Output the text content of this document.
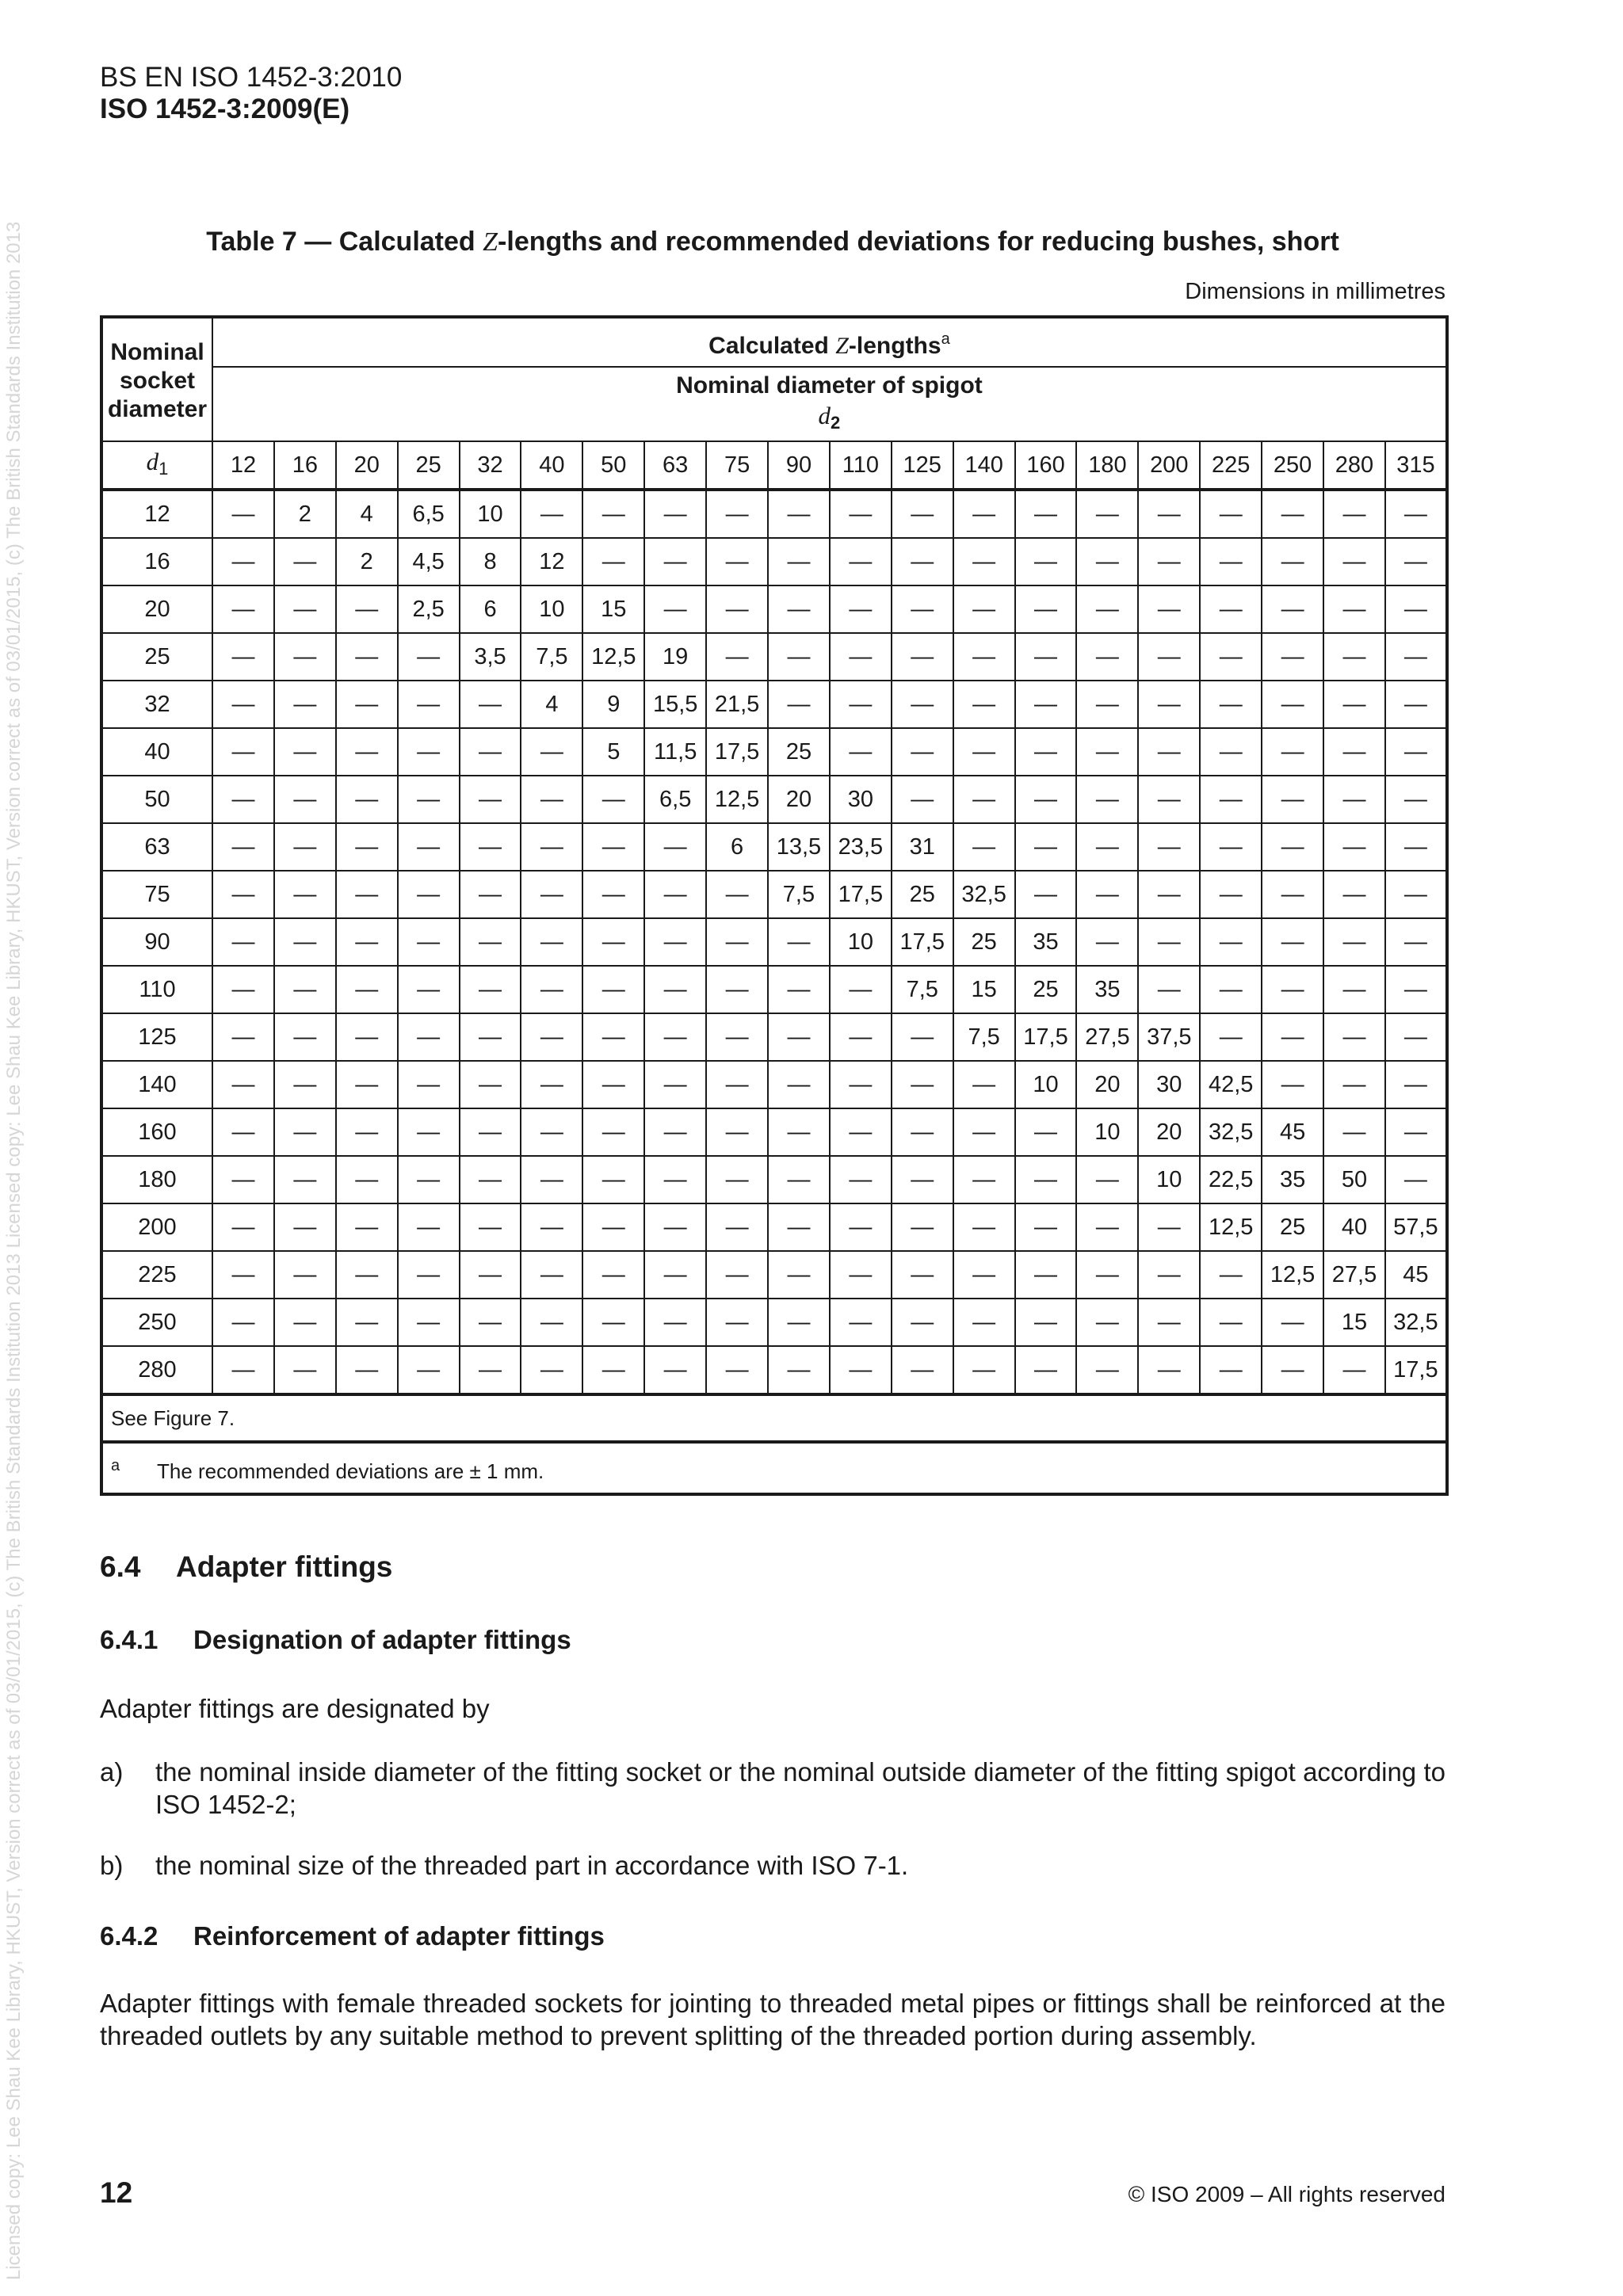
Licensed copy: Lee Shau Kee Library, HKUST, Version correct as of 03/01/2015, (c) The British Standards Institution 2013 Licensed copy: Lee Shau Kee Library, HKUST, Version correct as of 03/01/2015, (c) The British Standards Institution 2013
BS EN ISO 1452-3:2010
ISO 1452-3:2009(E)
Table 7 — Calculated Z-lengths and recommended deviations for reducing bushes, short
Dimensions in millimetres
Nominal socket diameter	Calculated Z-lengths$^a$

	Nominal diameter of spigot
$d_2$

$d_1$	12	16	20	25	32	40	50	63	75	90	110	125	140	160	180	200	225	250	280	315
12	—	2	4	6,5	10	—	—	—	—	—	—	—	—	—	—	—	—	—	—	—
16	—	—	2	4,5	8	12	—	—	—	—	—	—	—	—	—	—	—	—	—	—
20	—	—	—	2,5	6	10	15	—	—	—	—	—	—	—	—	—	—	—	—	—
25	—	—	—	—	3,5	7,5	12,5	19	—	—	—	—	—	—	—	—	—	—	—	—
32	—	—	—	—	—	4	9	15,5	21,5	—	—	—	—	—	—	—	—	—	—	—
40	—	—	—	—	—	—	5	11,5	17,5	25	—	—	—	—	—	—	—	—	—	—
50	—	—	—	—	—	—	—	6,5	12,5	20	30	—	—	—	—	—	—	—	—	—
63	—	—	—	—	—	—	—	—	6	13,5	23,5	31	—	—	—	—	—	—	—	—
75	—	—	—	—	—	—	—	—	—	7,5	17,5	25	32,5	—	—	—	—	—	—	—
90	—	—	—	—	—	—	—	—	—	—	10	17,5	25	35	—	—	—	—	—	—
110	—	—	—	—	—	—	—	—	—	—	—	7,5	15	25	35	—	—	—	—	—
125	—	—	—	—	—	—	—	—	—	—	—	—	7,5	17,5	27,5	37,5	—	—	—	—
140	—	—	—	—	—	—	—	—	—	—	—	—	—	10	20	30	42,5	—	—	—
160	—	—	—	—	—	—	—	—	—	—	—	—	—	—	10	20	32,5	45	—	—
180	—	—	—	—	—	—	—	—	—	—	—	—	—	—	—	10	22,5	35	50	—
200	—	—	—	—	—	—	—	—	—	—	—	—	—	—	—	—	12,5	25	40	57,5
225	—	—	—	—	—	—	—	—	—	—	—	—	—	—	—	—	—	12,5	27,5	45
250	—	—	—	—	—	—	—	—	—	—	—	—	—	—	—	—	—	—	15	32,5
280	—	—	—	—	—	—	—	—	—	—	—	—	—	—	—	—	—	—	—	17,5
See Figure 7.																				
a The recommended deviations are ± 1 mm.																				
6.4 Adapter fittings
6.4.1 Designation of adapter fittings
Adapter fittings are designated by
a) the nominal inside diameter of the fitting socket or the nominal outside diameter of the fitting spigot according to ISO 1452-2;
b) the nominal size of the threaded part in accordance with ISO 7-1.
6.4.2 Reinforcement of adapter fittings
Adapter fittings with female threaded sockets for jointing to threaded metal pipes or fittings shall be reinforced at the threaded outlets by any suitable method to prevent splitting of the threaded portion during assembly.
12	© ISO 2009 – All rights reserved
